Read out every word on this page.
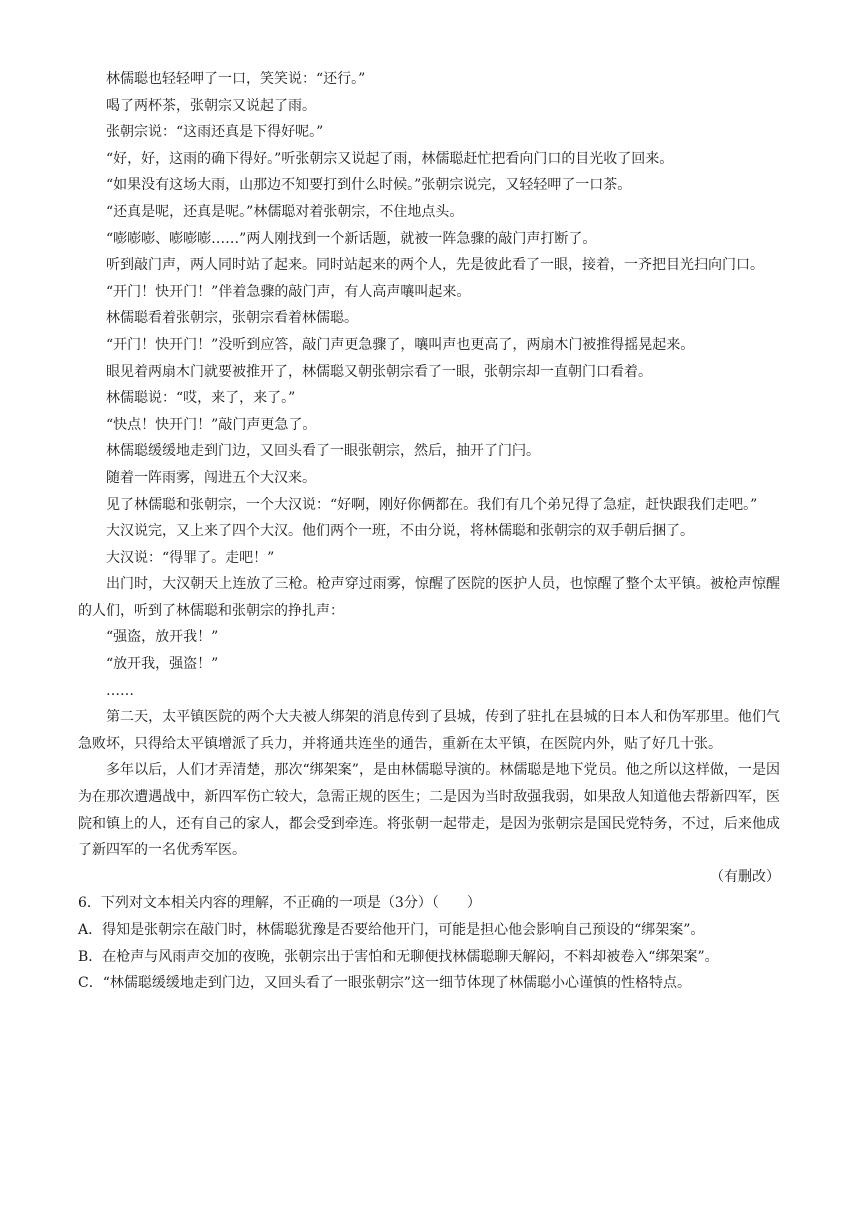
林儒聪也轻轻呷了一口，笑笑说：“还行。”

喝了两杯茶，张朝宗又说起了雨。

张朝宗说：“这雨还真是下得好呢。”

“好，好，这雨的确下得好。”听张朝宗又说起了雨，林儒聪赶忙把看向门口的目光收了回来。

“如果没有这场大雨，山那边不知要打到什么时候。”张朝宗说完，又轻轻呷了一口茶。

“还真是呢，还真是呢。”林儒聪对着张朝宗，不住地点头。

“嘭嘭嘭、嘭嘭嘭……”两人刚找到一个新话题，就被一阵急骤的敲门声打断了。

听到敲门声，两人同时站了起来。同时站起来的两个人，先是彼此看了一眼，接着，一齐把目光扫向门口。

“开门！快开门！”伴着急骤的敲门声，有人高声嚷叫起来。

林儒聪看着张朝宗，张朝宗看着林儒聪。

“开门！快开门！”没听到应答，敲门声更急骤了，嚷叫声也更高了，两扇木门被推得摇晃起来。

眼见着两扇木门就要被推开了，林儒聪又朝张朝宗看了一眼，张朝宗却一直朝门口看着。

林儒聪说：“哎，来了，来了。”

“快点！快开门！”敲门声更急了。

林儒聪缓缓地走到门边，又回头看了一眼张朝宗，然后，抽开了门闩。

随着一阵雨雾，闯进五个大汉来。

见了林儒聪和张朝宗，一个大汉说：“好啊，刚好你俩都在。我们有几个弟兄得了急症，赶快跟我们走吧。”

大汉说完，又上来了四个大汉。他们两个一班，不由分说，将林儒聪和张朝宗的双手朝后捆了。

大汉说：“得罪了。走吧！”

出门时，大汉朝天上连放了三枪。枪声穿过雨雾，惊醒了医院的医护人员，也惊醒了整个太平镇。被枪声惊醒的人们，听到了林儒聪和张朝宗的挣扎声：

“强盗，放开我！”

“放开我，强盗！”

……

第二天，太平镇医院的两个大夫被人绑架的消息传到了县城，传到了驻扎在县城的日本人和伪军那里。他们气急败坏，只得给太平镇增派了兵力，并将通共连坐的通告，重新在太平镇，在医院内外，贴了好几十张。

多年以后，人们才弄清楚，那次“绑架案”，是由林儒聪导演的。林儒聪是地下党员。他之所以这样做，一是因为在那次遭遇战中，新四军伤亡较大，急需正规的医生；二是因为当时敌强我弱，如果敌人知道他去帮新四军，医院和镇上的人，还有自己的家人，都会受到牵连。将张朝一起带走，是因为张朝宗是国民党特务，不过，后来他成了新四军的一名优秀军医。

（有删改）

6．下列对文本相关内容的理解，不正确的一项是（3分）（　　）

A．得知是张朝宗在敲门时，林儒聪犹豫是否要给他开门，可能是担心他会影响自己预设的“绑架案”。

B．在枪声与风雨声交加的夜晚，张朝宗出于害怕和无聊便找林儒聪聊天解闷，不料却被卷入“绑架案”。

C．“林儒聪缓缓地走到门边，又回头看了一眼张朝宗”这一细节体现了林儒聪小心谨慎的性格特点。
